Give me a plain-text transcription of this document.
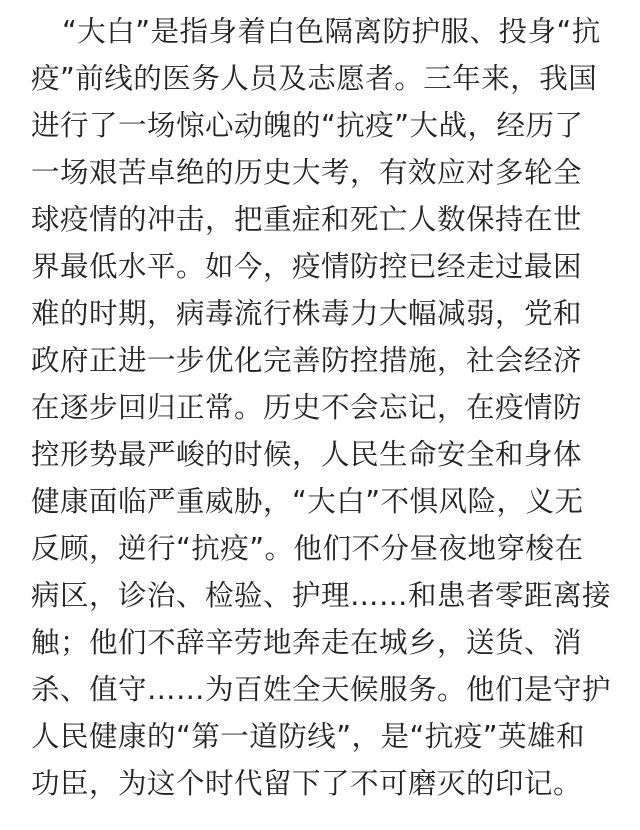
“大白”是指身着白色隔离防护服、投身“抗
疫”前线的医务人员及志愿者。三年来，我国
进行了一场惊心动魄的“抗疫”大战，经历了
一场艰苦卓绝的历史大考，有效应对多轮全
球疫情的冲击，把重症和死亡人数保持在世
界最低水平。如今，疫情防控已经走过最困
难的时期，病毒流行株毒力大幅减弱，党和
政府正进一步优化完善防控措施，社会经济
在逐步回归正常。历史不会忘记，在疫情防
控形势最严峻的时候，人民生命安全和身体
健康面临严重威胁，“大白”不惧风险，义无
反顾，逆行“抗疫”。他们不分昼夜地穿梭在
病区，诊治、检验、护理……和患者零距离接
触；他们不辞辛劳地奔走在城乡，送货、消
杀、值守……为百姓全天候服务。他们是守护
人民健康的“第一道防线”，是“抗疫”英雄和
功臣，为这个时代留下了不可磨灭的印记。
